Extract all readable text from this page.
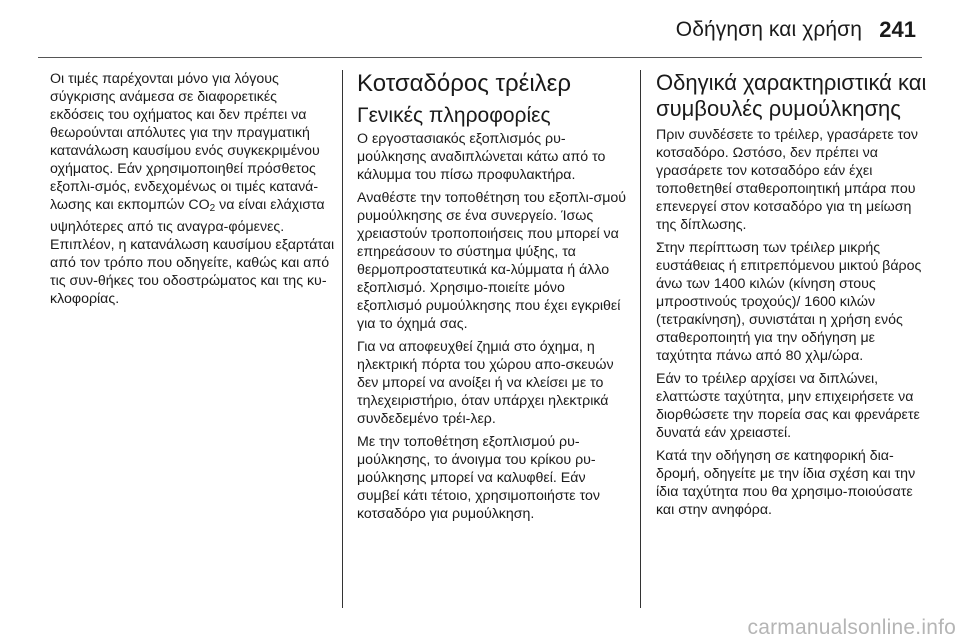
Οδήγηση και χρήση 241

Οι τιμές παρέχονται μόνο για λόγους σύγκρισης ανάμεσα σε διαφορετικές εκδόσεις του οχήματος και δεν πρέπει να θεωρούνται απόλυτες για την πραγματική κατανάλωση καυσίμου ενός συγκεκριμένου οχήματος. Εάν χρησιμοποιηθεί πρόσθετος εξοπλι-σμός, ενδεχομένως οι τιμές κατανά-λωσης και εκπομπών $CO_2$ να είναι ελάχιστα υψηλότερες από τις αναγρα-φόμενες. Επιπλέον, η κατανάλωση καυσίμου εξαρτάται από τον τρόπο που οδηγείτε, καθώς και από τις συν-θήκες του οδοστρώματος και της κυ-κλοφορίας.

Κοτσαδόρος τρέιλερ
Γενικές πληροφορίες

Ο εργοστασιακός εξοπλισμός ρυ-μούλκησης αναδιπλώνεται κάτω από το κάλυμμα του πίσω προφυλακτήρα.

Αναθέστε την τοποθέτηση του εξοπλι-σμού ρυμούλκησης σε ένα συνεργείο. Ίσως χρειαστούν τροποποιήσεις που μπορεί να επηρεάσουν το σύστημα ψύξης, τα θερμοπροστατευτικά κα-λύμματα ή άλλο εξοπλισμό. Χρησιμο-ποιείτε μόνο εξοπλισμό ρυμούλκησης που έχει εγκριθεί για το όχημά σας.

Για να αποφευχθεί ζημιά στο όχημα, η ηλεκτρική πόρτα του χώρου απο-σκευών δεν μπορεί να ανοίξει ή να κλείσει με το τηλεχειριστήριο, όταν υπάρχει ηλεκτρικά συνδεδεμένο τρέι-λερ.

Με την τοποθέτηση εξοπλισμού ρυ-μούλκησης, το άνοιγμα του κρίκου ρυ-μούλκησης μπορεί να καλυφθεί. Εάν συμβεί κάτι τέτοιο, χρησιμοποιήστε τον κοτσαδόρο για ρυμούλκηση.

Οδηγικά χαρακτηριστικά και συμβουλές ρυμούλκησης

Πριν συνδέσετε το τρέιλερ, γρασάρετε τον κοτσαδόρο. Ωστόσο, δεν πρέπει να γρασάρετε τον κοτσαδόρο εάν έχει τοποθετηθεί σταθεροποιητική μπάρα που επενεργεί στον κοτσαδόρο για τη μείωση της δίπλωσης.

Στην περίπτωση των τρέιλερ μικρής ευστάθειας ή επιτρεπόμενου μικτού βάρος άνω των 1400 κιλών (κίνηση στους μπροστινούς τροχούς)/ 1600 κιλών (τετρακίνηση), συνιστάται η χρήση ενός σταθεροποιητή για την οδήγηση με ταχύτητα πάνω από 80 χλμ/ώρα.

Εάν το τρέιλερ αρχίσει να διπλώνει, ελαττώστε ταχύτητα, μην επιχειρήσετε να διορθώσετε την πορεία σας και φρενάρετε δυνατά εάν χρειαστεί.

Κατά την οδήγηση σε κατηφορική δια-δρομή, οδηγείτε με την ίδια σχέση και την ίδια ταχύτητα που θα χρησιμο-ποιούσατε και στην ανηφόρα.

carmanualsonline.info
